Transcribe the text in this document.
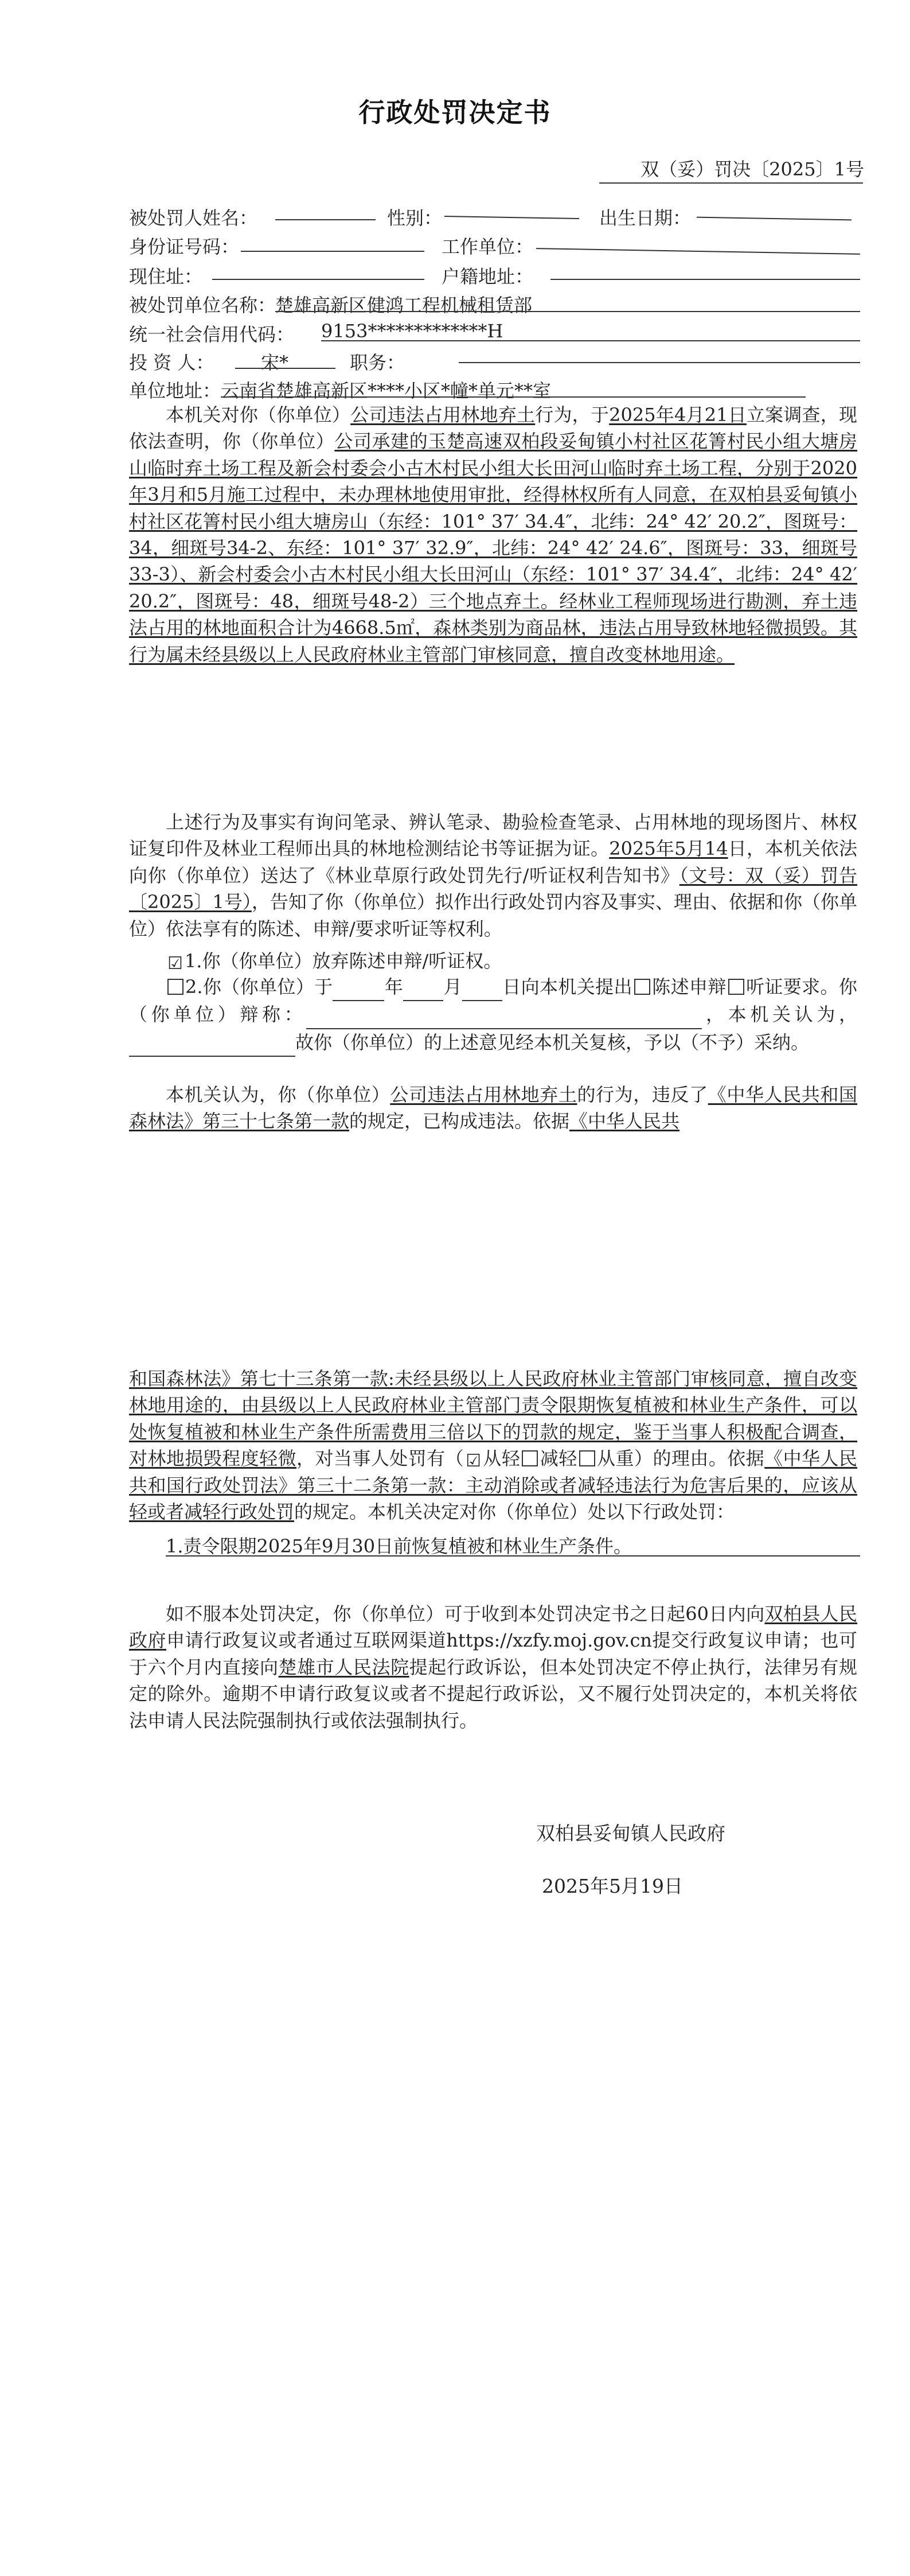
行政处罚决定书
双（妥）罚决〔2025〕1号
被处罚人姓名：	性别：	出生日期：
身份证号码：	工作单位：
现住址：	户籍地址：
被处罚单位名称：
楚雄高新区健鸿工程机械租赁部
统一社会信用代码： 9153*************H
投 资 人：	宋*	职务：
单位地址： 云南省楚雄高新区****小区*幢*单元**室
本机关对你（你单位）公司违法占用林地弃土行为，于2025年4月21日立案调查，现依法查明，你（你单位）公司承建的玉楚高速双柏段妥甸镇小村社区花箐村民小组大塘房山临时弃土场工程及新会村委会小古木村民小组大长田河山临时弃土场工程，分别于2020年3月和5月施工过程中，未办理林地使用审批，经得林权所有人同意，在双柏县妥甸镇小村社区花箐村民小组大塘房山（东经：101° 37′ 34.4″，北纬：24° 42′ 20.2″，图斑号：34，细斑号34-2、东经：101° 37′ 32.9″，北纬：24° 42′ 24.6″，图斑号：33，细斑号33-3）、新会村委会小古木村民小组大长田河山（东经：101° 37′ 34.4″，北纬：24° 42′ 20.2″，图斑号：48，细斑号48-2）三个地点弃土。经林业工程师现场进行勘测，弃土违法占用的林地面积合计为4668.5㎡，森林类别为商品林，违法占用导致林地轻微损毁。其行为属未经县级以上人民政府林业主管部门审核同意，擅自改变林地用途。
上述行为及事实有询问笔录、辨认笔录、勘验检查笔录、占用林地的现场图片、林权证复印件及林业工程师出具的林地检测结论书等证据为证。2025年5月14日，本机关依法向你（你单位）送达了《林业草原行政处罚先行/听证权利告知书》（文号：双（妥）罚告〔2025〕1号），告知了你（你单位）拟作出行政处罚内容及事实、理由、依据和你（你单位）依法享有的陈述、申辩/要求听证等权利。
☑1.你（你单位）放弃陈述申辩/听证权。
2.你（你单位）于	年 月 日向本机关提出 陈述申辩 听证要求。你（你单位）辩称：	，本机关认为， 故你（你单位）的上述意见经本机关复核，予以（不予）采纳。
本机关认为，你（你单位）公司违法占用林地弃土的行为，违反了《中华人民共和国森林法》第三十七条第一款的规定，已构成违法。依据《中华人民共
和国森林法》第七十三条第一款:未经县级以上人民政府林业主管部门审核同意，擅自改变林地用途的，由县级以上人民政府林业主管部门责令限期恢复植被和林业生产条件，可以处恢复植被和林业生产条件所需费用三倍以下的罚款的规定，鉴于当事人积极配合调查，对林地损毁程度轻微，对当事人处罚有（ ☑从轻 减轻 从重）的理由。依据《中华人民共和国行政处罚法》第三十二条第一款：主动消除或者减轻违法行为危害后果的，应该从轻或者减轻行政处罚的规定。本机关决定对你（你单位）处以下行政处罚：
1.责令限期2025年9月30日前恢复植被和林业生产条件。
如不服本处罚决定，你（你单位）可于收到本处罚决定书之日起60日内向双柏县人民政府申请行政复议或者通过互联网渠道https://xzfy.moj.gov.cn提交行政复议申请；也可于六个月内直接向楚雄市人民法院提起行政诉讼，但本处罚决定不停止执行，法律另有规定的除外。逾期不申请行政复议或者不提起行政诉讼，又不履行处罚决定的，本机关将依法申请人民法院强制执行或依法强制执行。
双柏县妥甸镇人民政府
2025年5月19日
